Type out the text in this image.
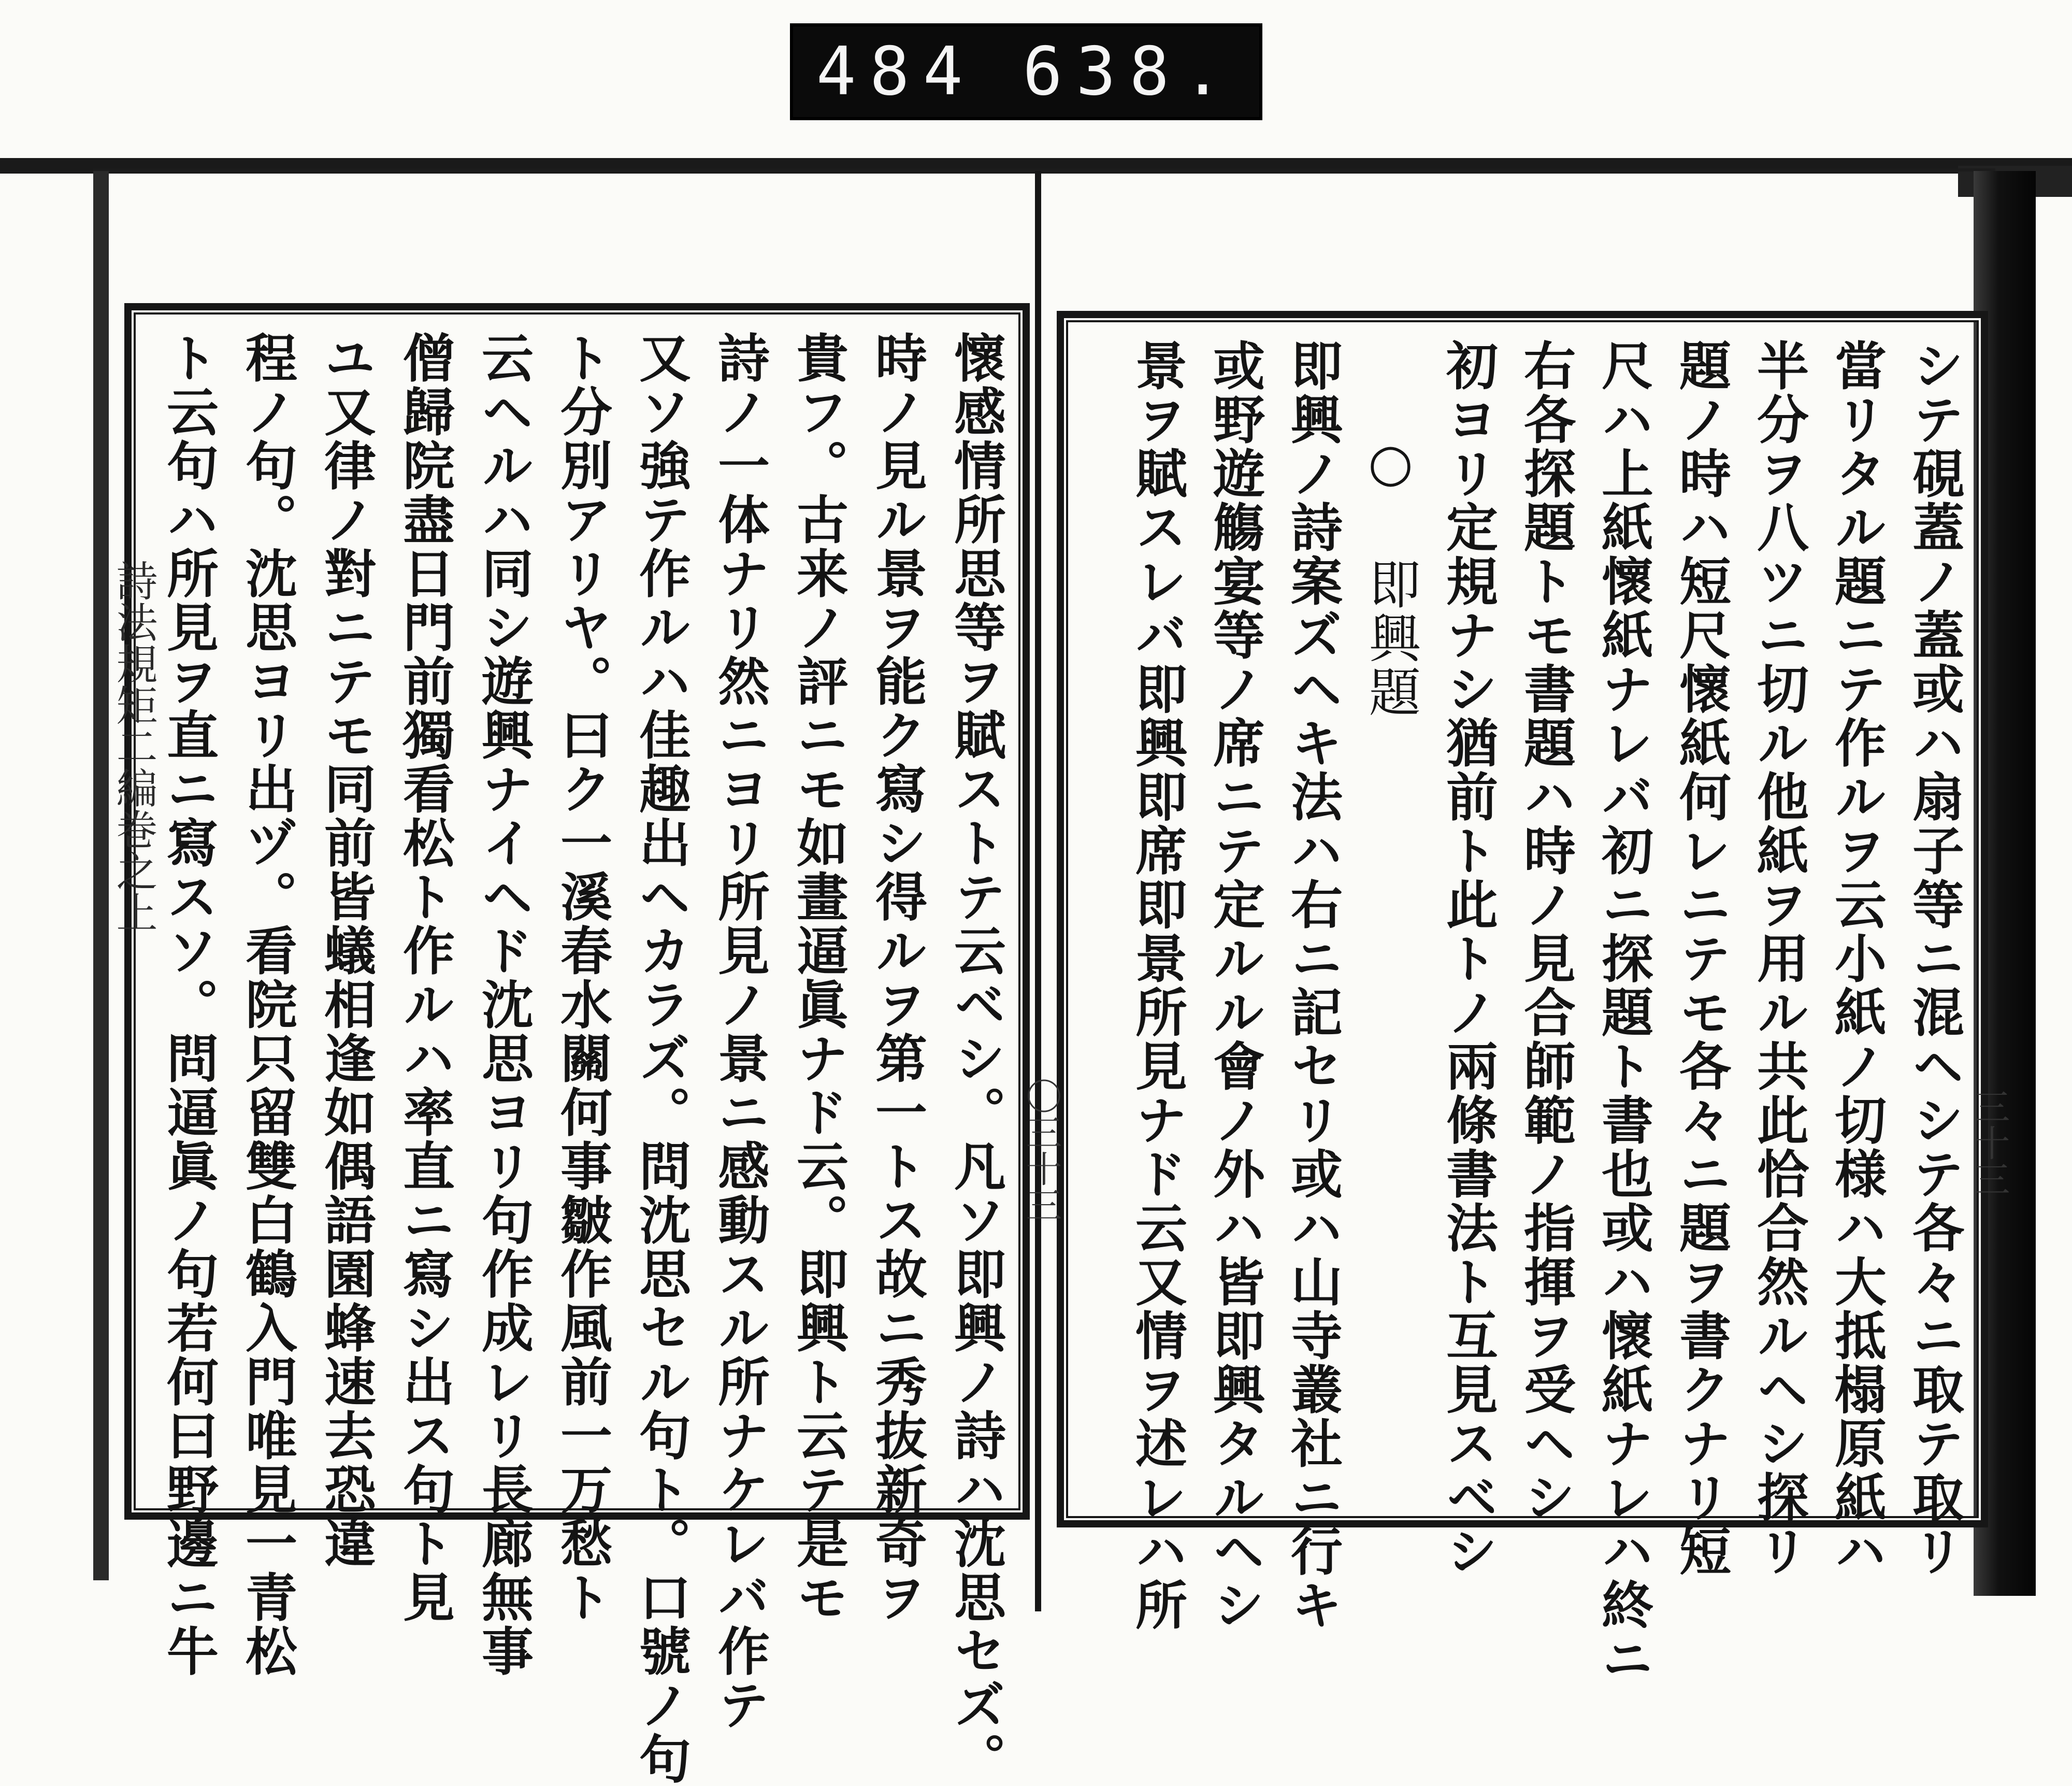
484 638.
懷感情所思等ヲ賦ストテ云ベシ。凡ソ即興ノ詩ハ沈思セズ。
時ノ見ル景ヲ能ク寫シ得ルヲ第一トス故ニ秀抜新奇ヲ
貴フ。古来ノ評ニモ如畫逼眞ナド云。即興ト云テ是モ
詩ノ一体ナリ然ニヨリ所見ノ景ニ感動スル所ナケレバ作テ
又ソ強テ作ルハ佳趣出ヘカラズ。問沈思セル句ト。口號ノ句
ト分別アリヤ。曰ク一溪春水關何事皺作風前一万愁ト
云ヘルハ同シ遊興ナイヘド沈思ヨリ句作成レリ長廊無事
僧歸院盡日門前獨看松ト作ルハ率直ニ寫シ出ス句ト見
ユ又律ノ對ニテモ同前皆蟻相逢如偶語園蜂速去恐違
程ノ句。沈思ヨリ出ヅ。看院只留雙白鶴入門唯見一青松
ト云句ハ所見ヲ直ニ寫スソ。問逼眞ノ句若何曰野邊ニ牛	シテ硯蓋ノ蓋或ハ扇子等ニ混ヘシテ各々ニ取テ取リ
當リタル題ニテ作ルヲ云小紙ノ切様ハ大抵榻原紙ハ
半分ヲ八ツニ切ル他紙ヲ用ル共此恰合然ルヘシ探リ
題ノ時ハ短尺懷紙何レニテモ各々ニ題ヲ書クナリ短
尺ハ上紙懷紙ナレバ初ニ探題ト書也或ハ懷紙ナレハ終ニ
右各探題トモ書題ハ時ノ見合師範ノ指揮ヲ受ヘシ
初ヨリ定規ナシ猶前ト此トノ兩條書法ト互見スベシ
○ 即興題
即興ノ詩案ズヘキ法ハ右ニ記セリ或ハ山寺叢社ニ行キ
或野遊觴宴等ノ席ニテ定ルル會ノ外ハ皆即興タルヘシ
景ヲ賦スレバ即興即席即景所見ナド云又情ヲ述レハ所
詩法規矩二編巻之上
〇三十三	三十三
